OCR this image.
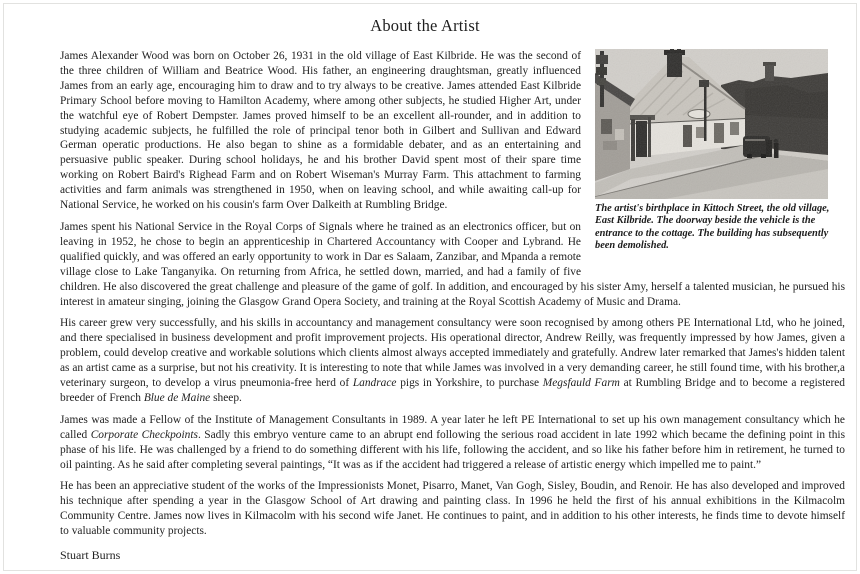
About the Artist
The artist's birthplace in Kittoch Street, the old village, East Kilbride. The doorway beside the vehicle is the entrance to the cottage. The building has subsequently been demolished.

James Alexander Wood was born on October 26, 1931 in the old village of East Kilbride. He was the second of the three children of William and Beatrice Wood. His father, an engineering draughtsman, greatly influenced James from an early age, encouraging him to draw and to try always to be creative. James attended East Kilbride Primary School before moving to Hamilton Academy, where among other subjects, he studied Higher Art, under the watchful eye of Robert Dempster. James proved himself to be an excellent all-rounder, and in addition to studying academic subjects, he fulfilled the role of principal tenor both in Gilbert and Sullivan and Edward German operatic productions. He also began to shine as a formidable debater, and as an entertaining and persuasive public speaker. During school holidays, he and his brother David spent most of their spare time working on Robert Baird's Righead Farm and on Robert Wiseman's Murray Farm. This attachment to farming activities and farm animals was strengthened in 1950, when on leaving school, and while awaiting call-up for National Service, he worked on his cousin's farm Over Dalkeith at Rumbling Bridge.

James spent his National Service in the Royal Corps of Signals where he trained as an electronics officer, but on leaving in 1952, he chose to begin an apprenticeship in Chartered Accountancy with Cooper and Lybrand. He qualified quickly, and was offered an early opportunity to work in Dar es Salaam, Zanzibar, and Mpanda a remote village close to Lake Tanganyika. On returning from Africa, he settled down, married, and had a family of five children. He also discovered the great challenge and pleasure of the game of golf. In addition, and encouraged by his sister Amy, herself a talented musician, he pursued his interest in amateur singing, joining the Glasgow Grand Opera Society, and training at the Royal Scottish Academy of Music and Drama.

His career grew very successfully, and his skills in accountancy and management consultancy were soon recognised by among others PE International Ltd, who he joined, and there specialised in business development and profit improvement projects. His operational director, Andrew Reilly, was frequently impressed by how James, given a problem, could develop creative and workable solutions which clients almost always accepted immediately and gratefully. Andrew later remarked that James's hidden talent as an artist came as a surprise, but not his creativity. It is interesting to note that while James was involved in a very demanding career, he still found time, with his brother,a veterinary surgeon, to develop a virus pneumonia-free herd of Landrace pigs in Yorkshire, to purchase Megsfauld Farm at Rumbling Bridge and to become a registered breeder of French Blue de Maine sheep.

James was made a Fellow of the Institute of Management Consultants in 1989. A year later he left PE International to set up his own management consultancy which he called Corporate Checkpoints. Sadly this embryo venture came to an abrupt end following the serious road accident in late 1992 which became the defining point in this phase of his life. He was challenged by a friend to do something different with his life, following the accident, and so like his father before him in retirement, he turned to oil painting. As he said after completing several paintings, “It was as if the accident had triggered a release of artistic energy which impelled me to paint.”

He has been an appreciative student of the works of the Impressionists Monet, Pisarro, Manet, Van Gogh, Sisley, Boudin, and Renoir. He has also developed and improved his technique after spending a year in the Glasgow School of Art drawing and painting class. In 1996 he held the first of his annual exhibitions in the Kilmacolm Community Centre. James now lives in Kilmacolm with his second wife Janet. He continues to paint, and in addition to his other interests, he finds time to devote himself to valuable community projects.

Stuart Burns
